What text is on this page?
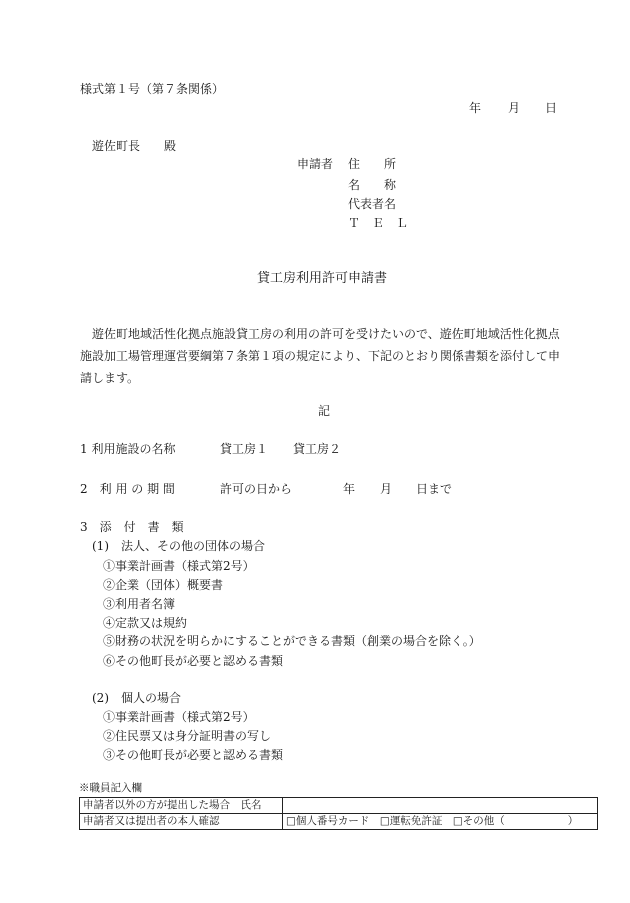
様式第１号（第７条関係）
年 月 日
遊佐町長　　殿
申請者 住　　所
名　　称
代表者名
Ｔ　Ｅ　Ｌ
貸工房利用許可申請書
遊佐町地域活性化拠点施設貸工房の利用の許可を受けたいので、遊佐町地域活性化拠点
施設加工場管理運営要綱第７条第１項の規定により、下記のとおり関係書類を添付して申
請します。
記
1 利用施設の名称	貸工房１ 貸工房２
2　利 用 の 期 間	許可の日から	年 月 日まで
3　添　付　書　類
(1)　法人、その他の団体の場合
①事業計画書（様式第2号）
②企業（団体）概要書
③利用者名簿
④定款又は規約
⑤財務の状況を明らかにすることができる書類（創業の場合を除く。）
⑥その他町長が必要と認める書類
(2)　個人の場合
①事業計画書（様式第2号）
②住民票又は身分証明書の写し
③その他町長が必要と認める書類
※職員記入欄
申請者以外の方が提出した場合　氏名	
申請者又は提出者の本人確認	□個人番号カード　□運転免許証　□その他（　　　　　　）
